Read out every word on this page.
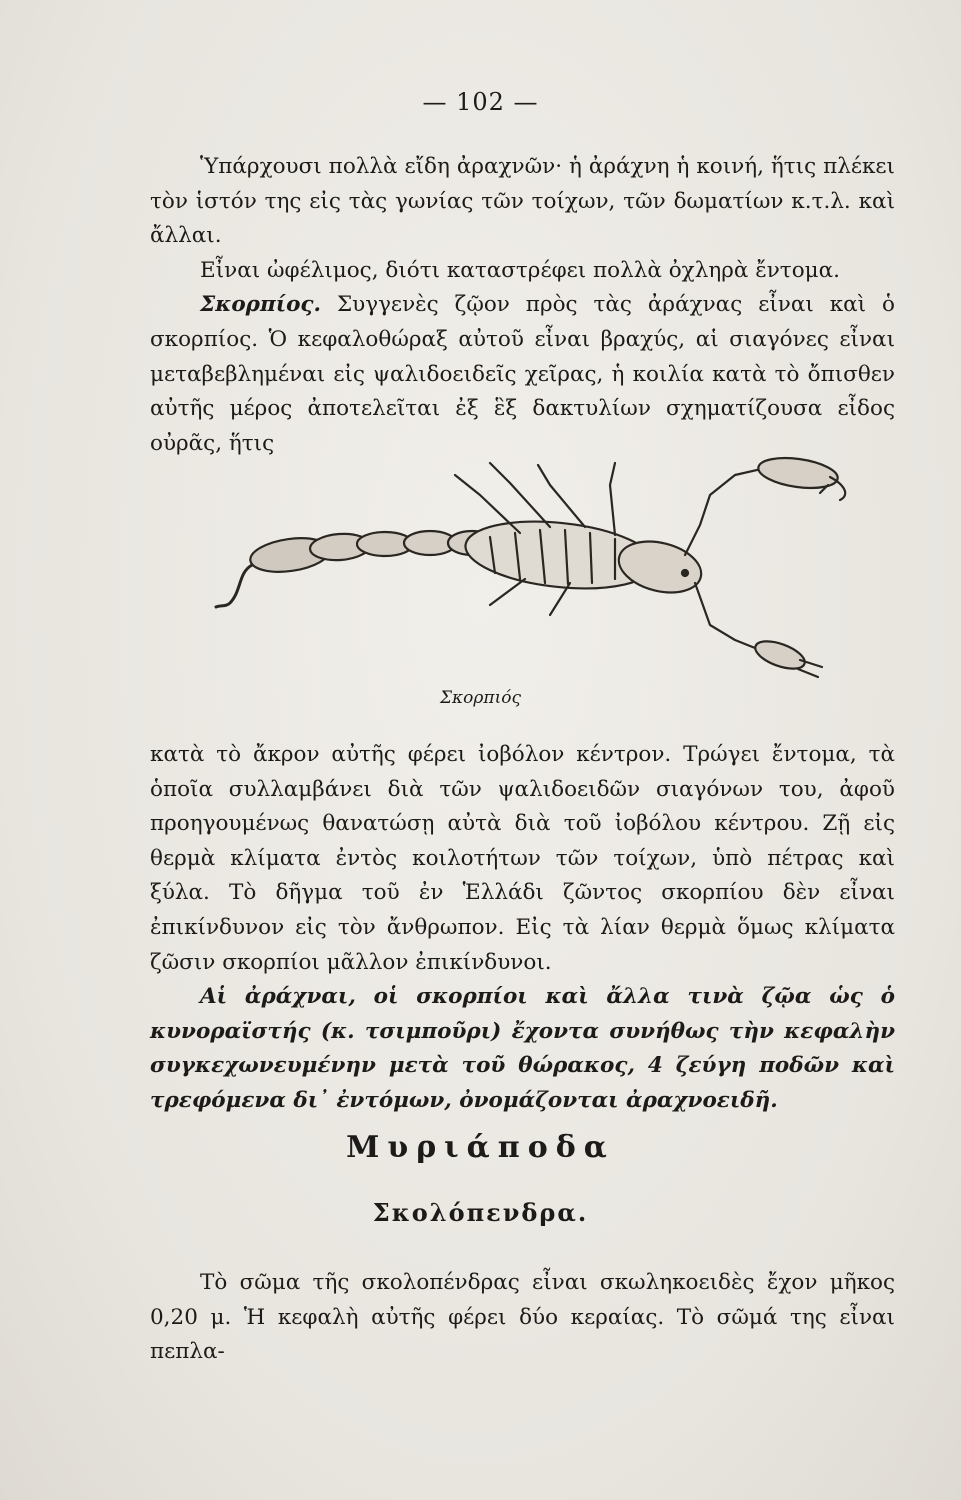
— 102 —

Ὑπάρχουσι πολλὰ εἴδη ἀραχνῶν· ἡ ἀράχνη ἡ κοινή, ἥτις πλέκει τὸν ἱστόν της εἰς τὰς γωνίας τῶν τοίχων, τῶν δωματίων κ.τ.λ. καὶ ἄλλαι.

Εἶναι ὠφέλιμος, διότι καταστρέφει πολλὰ ὀχληρὰ ἔντομα.

Σκορπίος. Συγγενὲς ζῷον πρὸς τὰς ἀράχνας εἶναι καὶ ὁ σκορπίος. Ὁ κεφαλοθώραξ αὐτοῦ εἶναι βραχύς, αἱ σιαγόνες εἶναι μεταβεβλημέναι εἰς ψαλιδοειδεῖς χεῖρας, ἡ κοιλία κατὰ τὸ ὄπισθεν αὐτῆς μέρος ἀποτελεῖται ἐξ ἓξ δακτυλίων σχηματίζουσα εἶδος οὐρᾶς, ἥτις

Σκορπιός

κατὰ τὸ ἄκρον αὐτῆς φέρει ἰοβόλον κέντρον. Τρώγει ἔντομα, τὰ ὁποῖα συλλαμβάνει διὰ τῶν ψαλιδοειδῶν σιαγόνων του, ἀφοῦ προηγουμένως θανατώσῃ αὐτὰ διὰ τοῦ ἰοβόλου κέντρου. Ζῇ εἰς θερμὰ κλίματα ἐντὸς κοιλοτήτων τῶν τοίχων, ὑπὸ πέτρας καὶ ξύλα. Τὸ δῆγμα τοῦ ἐν Ἑλλάδι ζῶντος σκορπίου δὲν εἶναι ἐπικίνδυνον εἰς τὸν ἄνθρωπον. Εἰς τὰ λίαν θερμὰ ὅμως κλίματα ζῶσιν σκορπίοι μᾶλλον ἐπικίνδυνοι.

Αἱ ἀράχναι, οἱ σκορπίοι καὶ ἄλλα τινὰ ζῷα ὡς ὁ κυνοραϊστής (κ. τσιμποῦρι) ἔχοντα συνήθως τὴν κεφαλὴν συγκεχωνευμένην μετὰ τοῦ θώρακος, 4 ζεύγη ποδῶν καὶ τρεφόμενα δι᾽ ἐντόμων, ὀνομάζονται ἀραχνοειδῆ.

Μυριάποδα
Σκολόπενδρα.

Τὸ σῶμα τῆς σκολοπένδρας εἶναι σκωληκοειδὲς ἔχον μῆκος 0,20 μ. Ἡ κεφαλὴ αὐτῆς φέρει δύο κεραίας. Τὸ σῶμά της εἶναι πεπλα-
